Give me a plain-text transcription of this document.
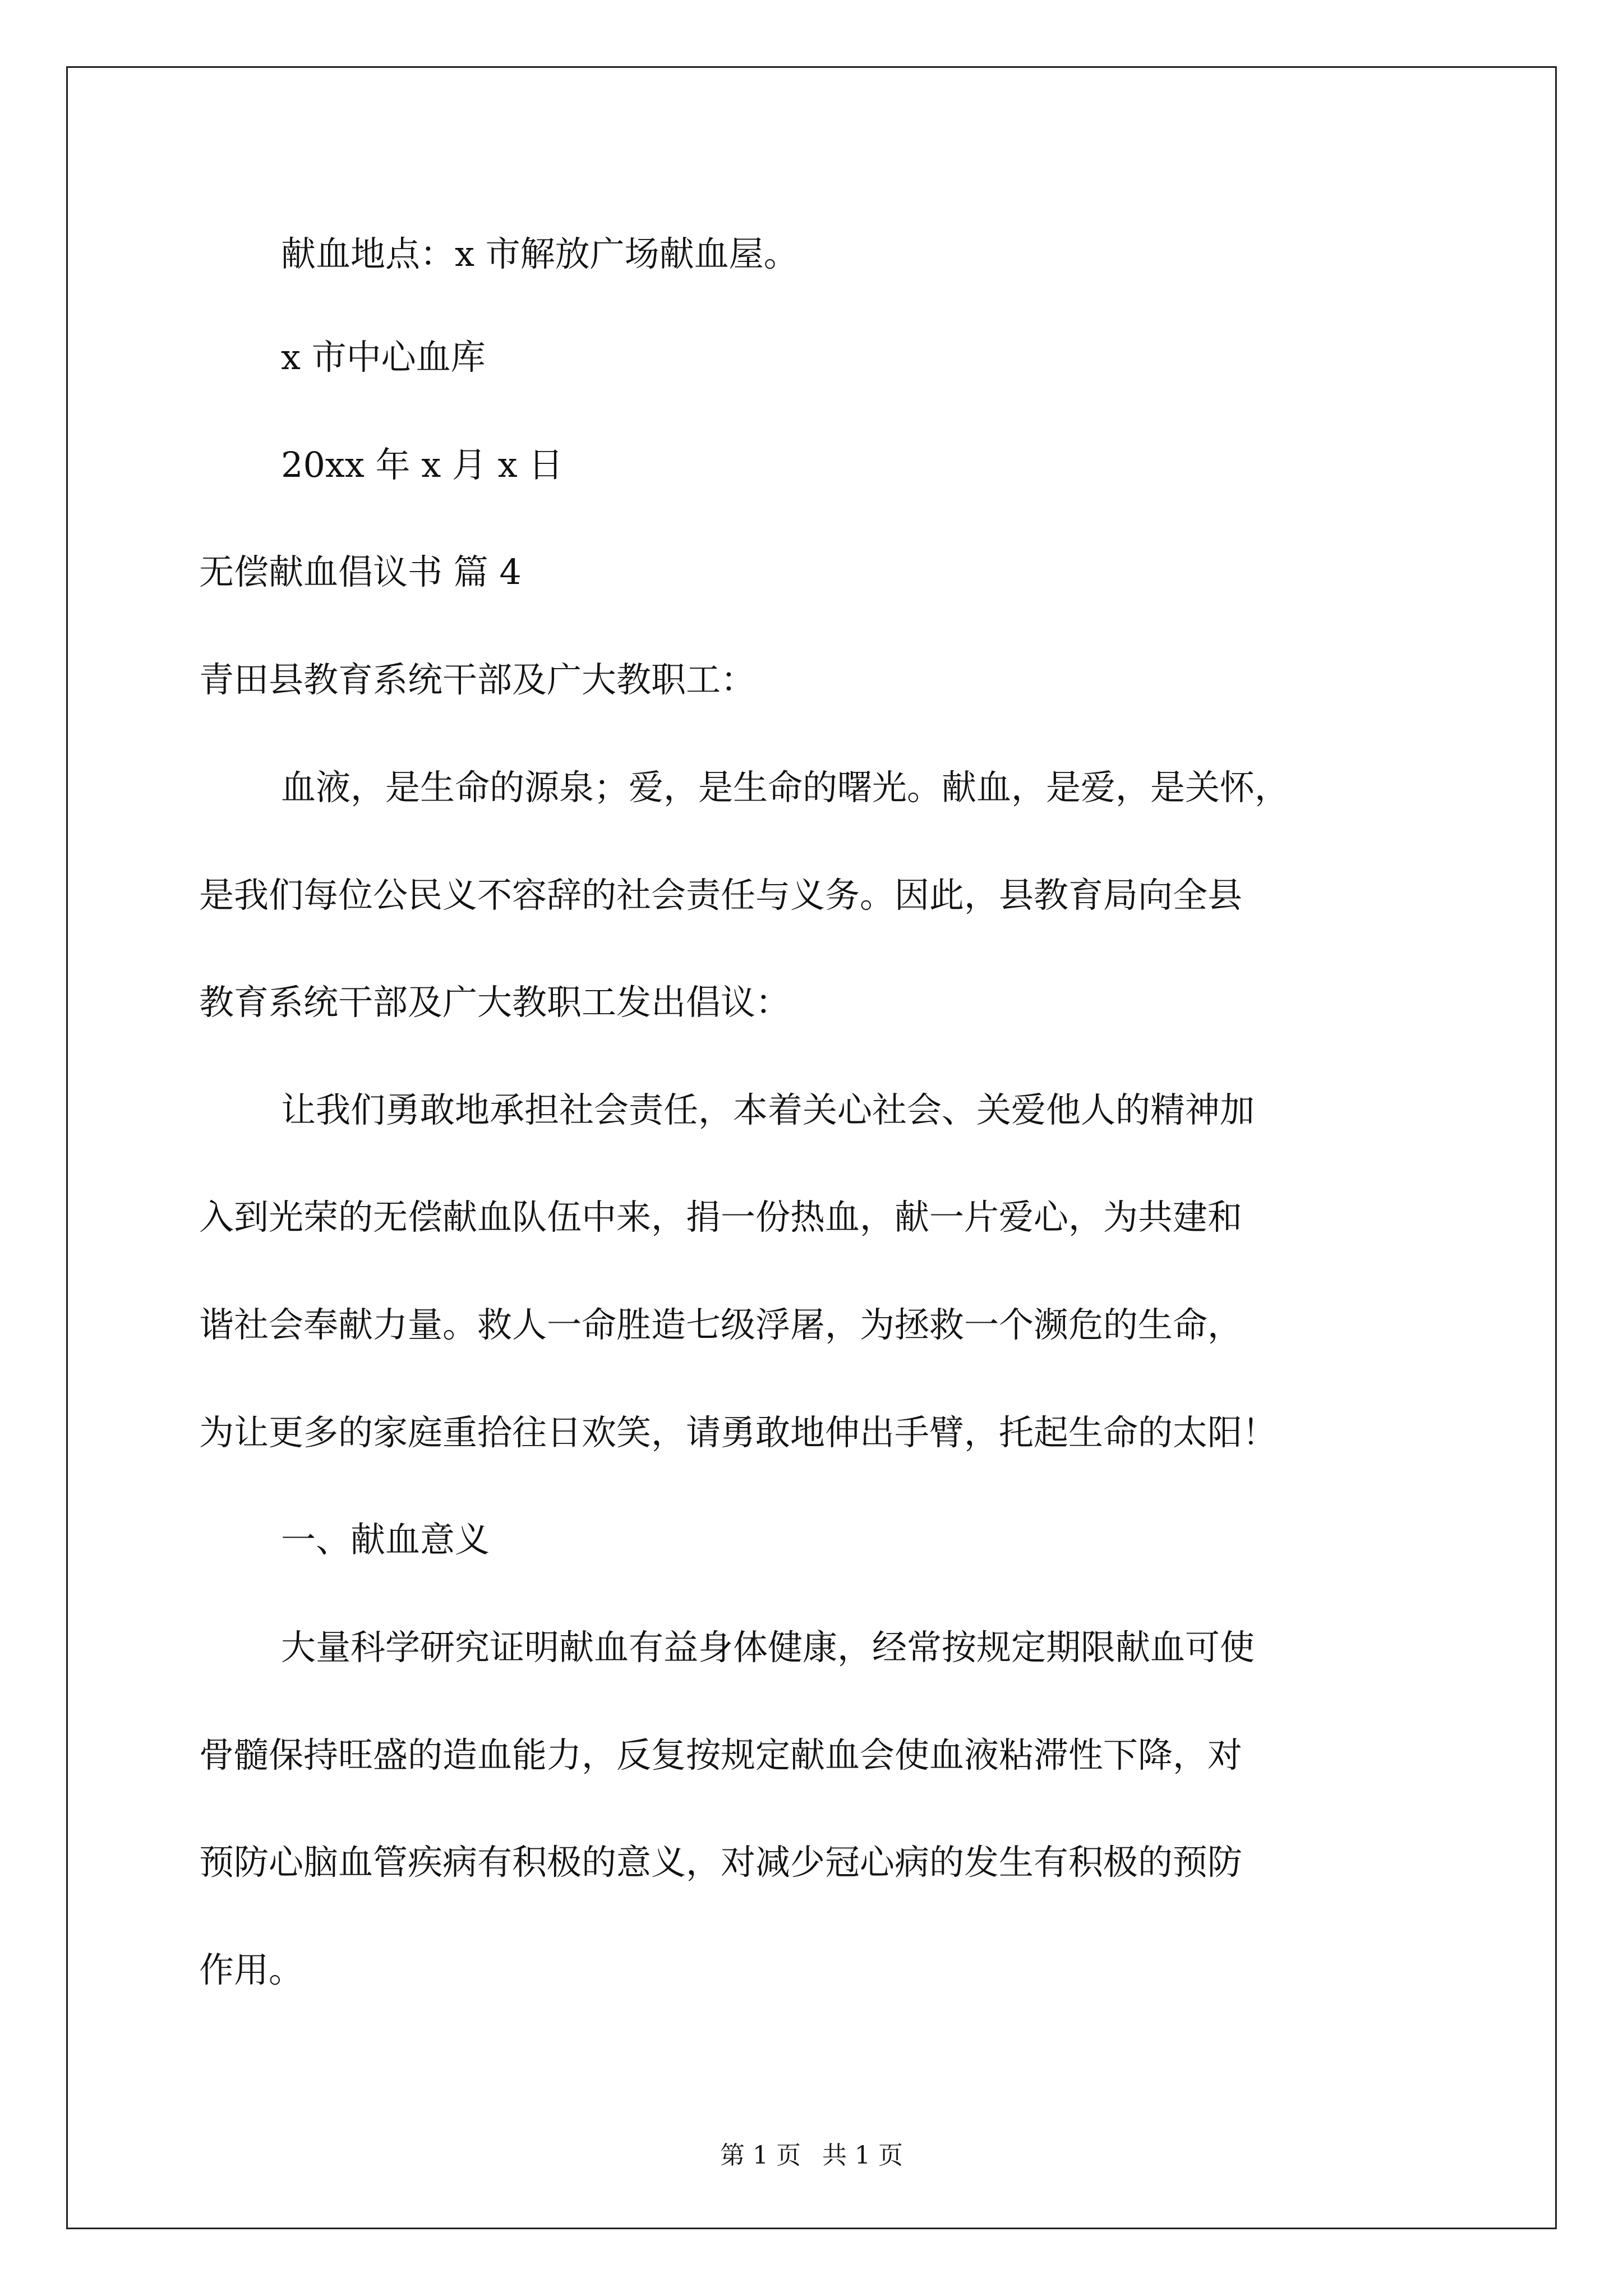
献血地点：x 市解放广场献血屋。
x 市中心血库
20xx 年 x 月 x 日
无偿献血倡议书 篇 4
青田县教育系统干部及广大教职工：
血液，是生命的源泉；爱，是生命的曙光。献血，是爱，是关怀，
是我们每位公民义不容辞的社会责任与义务。因此，县教育局向全县
教育系统干部及广大教职工发出倡议：
让我们勇敢地承担社会责任，本着关心社会、关爱他人的精神加
入到光荣的无偿献血队伍中来，捐一份热血，献一片爱心，为共建和
谐社会奉献力量。救人一命胜造七级浮屠，为拯救一个濒危的生命，
为让更多的家庭重拾往日欢笑，请勇敢地伸出手臂，托起生命的太阳！
一、献血意义
大量科学研究证明献血有益身体健康，经常按规定期限献血可使
骨髓保持旺盛的造血能力，反复按规定献血会使血液粘滞性下降，对
预防心脑血管疾病有积极的意义，对减少冠心病的发生有积极的预防
作用。
第 1 页 共 1 页
